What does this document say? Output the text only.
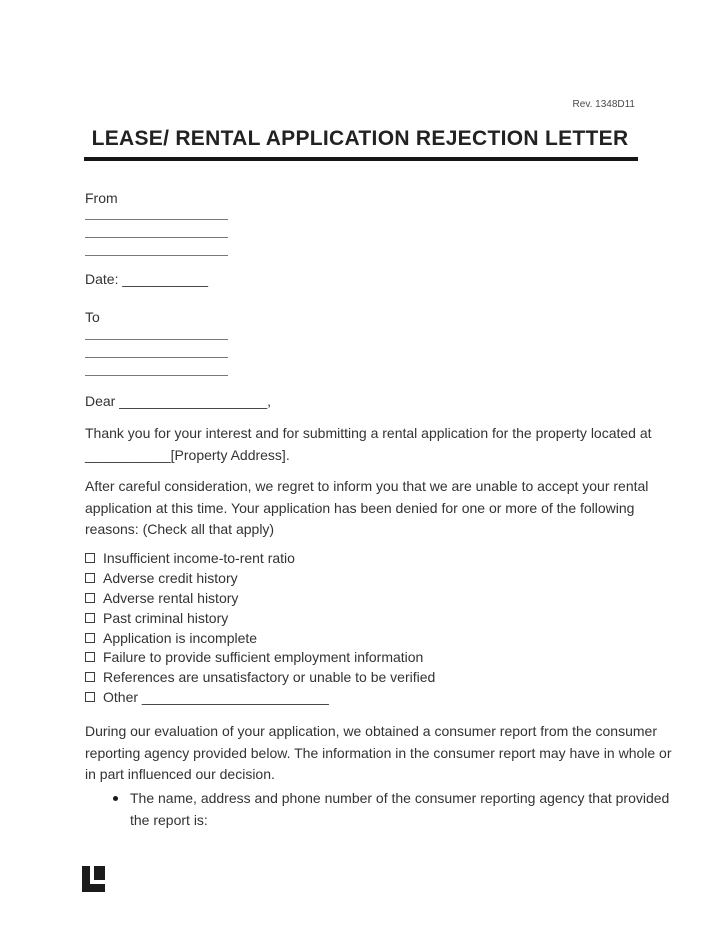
Rev. 1348D11
LEASE/ RENTAL APPLICATION REJECTION LETTER
From
Date: ___________
To
Dear ___________________,
Thank you for your interest and for submitting a rental application for the property located at
___________[Property Address].
After careful consideration, we regret to inform you that we are unable to accept your rental
application at this time. Your application has been denied for one or more of the following
reasons: (Check all that apply)
Insufficient income-to-rent ratio
Adverse credit history
Adverse rental history
Past criminal history
Application is incomplete
Failure to provide sufficient employment information
References are unsatisfactory or unable to be verified
Other ________________________
During our evaluation of your application, we obtained a consumer report from the consumer
reporting agency provided below. The information in the consumer report may have in whole or
in part influenced our decision.
The name, address and phone number of the consumer reporting agency that provided
the report is:
